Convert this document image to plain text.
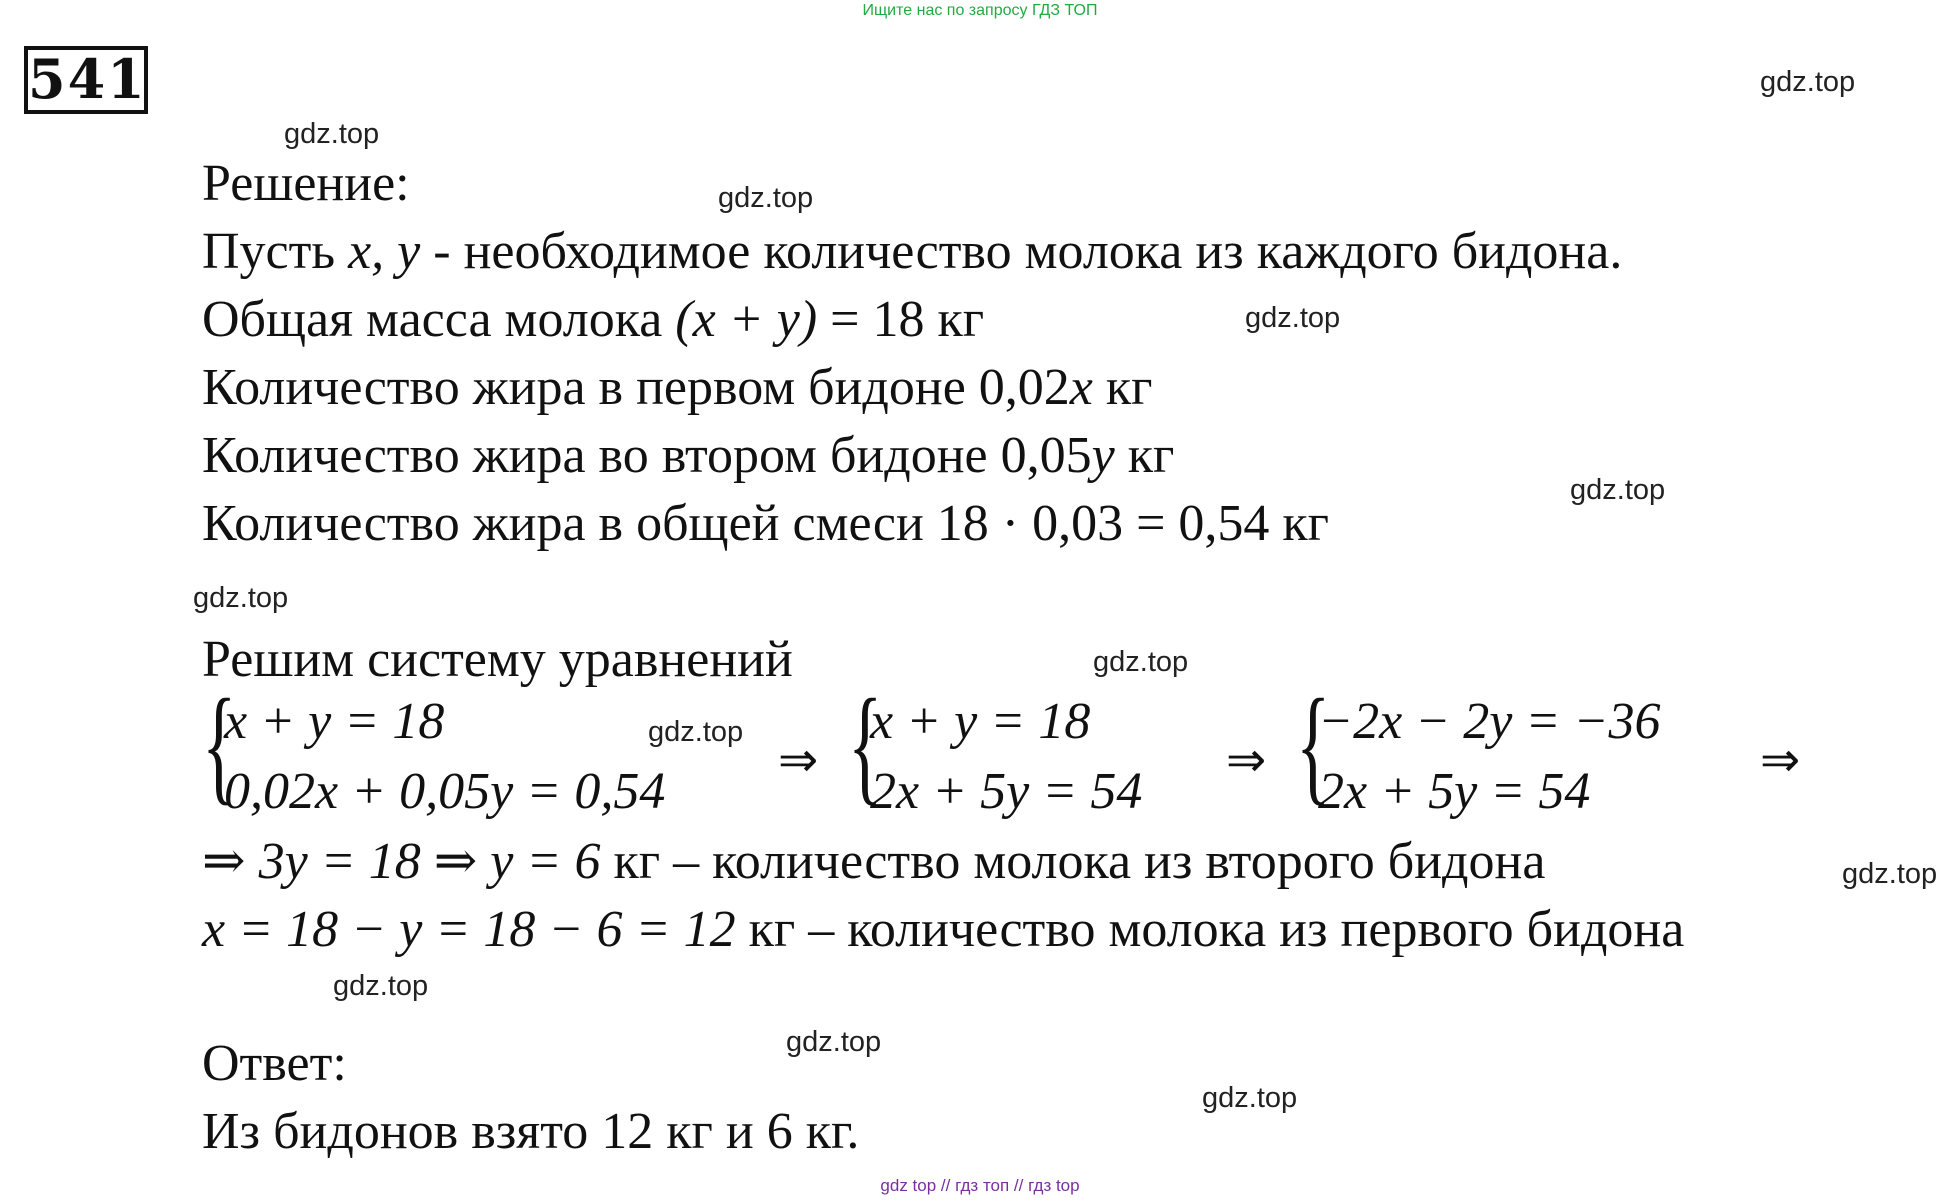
Ищите нас по запросу ГДЗ ТОП
541	gdz.top
gdz.top
gdz.top
gdz.top
gdz.top
gdz.top
gdz.top
gdz.top
gdz.top
gdz.top
gdz.top
gdz.top
Решение:
Пусть x, y - необходимое количество молока из каждого бидона.
Общая масса молока (x + y) = 18 кг
Количество жира в первом бидоне 0,02x кг
Количество жира во втором бидоне 0,05y кг
Количество жира в общей смеси 18 · 0,03 = 0,54 кг
Решим систему уравнений
{
x + y = 18
0,02x + 0,05y = 0,54
⇒ {
x + y = 18
2x + 5y = 54
⇒ {
−2x − 2y = −36
2x + 5y = 54
⇒
⇒ 3y = 18 ⇒ y = 6 кг – количество молока из второго бидона
x = 18 − y = 18 − 6 = 12 кг – количество молока из первого бидона
Ответ:
Из бидонов взято 12 кг и 6 кг.
gdz top // гдз топ // гдз top
